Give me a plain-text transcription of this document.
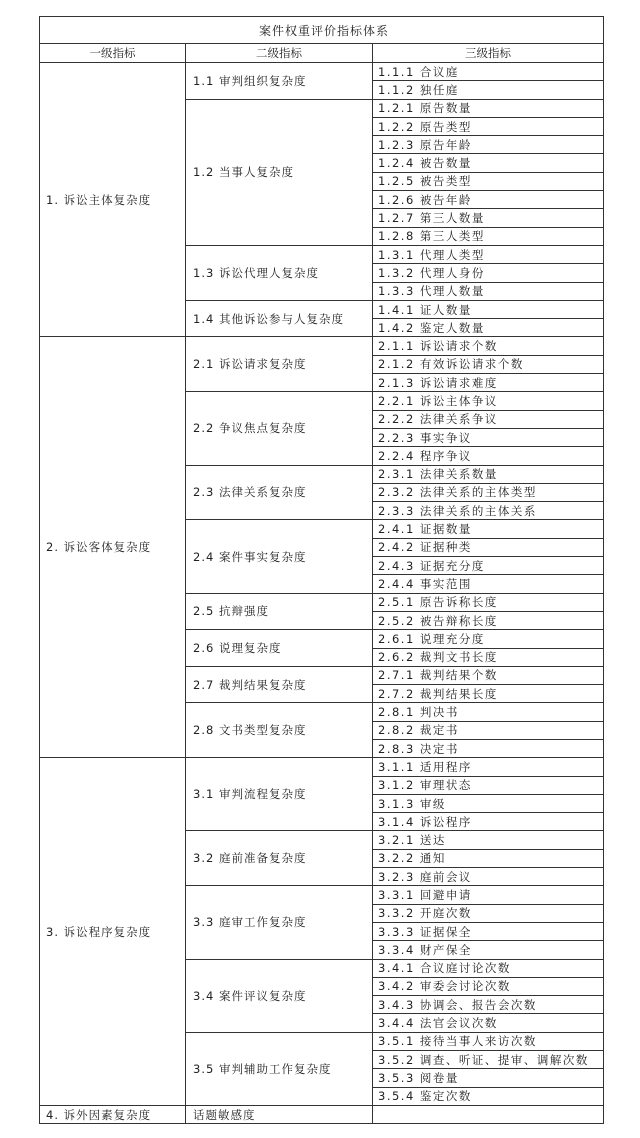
案件权重评价指标体系		
一级指标	二级指标	三级指标
1. 诉讼主体复杂度	1.1 审判组织复杂度	1.1.1 合议庭
		1.1.2 独任庭
	1.2 当事人复杂度	1.2.1 原告数量
		1.2.2 原告类型
		1.2.3 原告年龄
		1.2.4 被告数量
		1.2.5 被告类型
		1.2.6 被告年龄
		1.2.7 第三人数量
		1.2.8 第三人类型
	1.3 诉讼代理人复杂度	1.3.1 代理人类型
		1.3.2 代理人身份
		1.3.3 代理人数量
	1.4 其他诉讼参与人复杂度	1.4.1 证人数量
		1.4.2 鉴定人数量
2. 诉讼客体复杂度	2.1 诉讼请求复杂度	2.1.1 诉讼请求个数
		2.1.2 有效诉讼请求个数
		2.1.3 诉讼请求难度
	2.2 争议焦点复杂度	2.2.1 诉讼主体争议
		2.2.2 法律关系争议
		2.2.3 事实争议
		2.2.4 程序争议
	2.3 法律关系复杂度	2.3.1 法律关系数量
		2.3.2 法律关系的主体类型
		2.3.3 法律关系的主体关系
	2.4 案件事实复杂度	2.4.1 证据数量
		2.4.2 证据种类
		2.4.3 证据充分度
		2.4.4 事实范围
	2.5 抗辩强度	2.5.1 原告诉称长度
		2.5.2 被告辩称长度
	2.6 说理复杂度	2.6.1 说理充分度
		2.6.2 裁判文书长度
	2.7 裁判结果复杂度	2.7.1 裁判结果个数
		2.7.2 裁判结果长度
	2.8 文书类型复杂度	2.8.1 判决书
		2.8.2 裁定书
		2.8.3 决定书
3. 诉讼程序复杂度	3.1 审判流程复杂度	3.1.1 适用程序
		3.1.2 审理状态
		3.1.3 审级
		3.1.4 诉讼程序
	3.2 庭前准备复杂度	3.2.1 送达
		3.2.2 通知
		3.2.3 庭前会议
	3.3 庭审工作复杂度	3.3.1 回避申请
		3.3.2 开庭次数
		3.3.3 证据保全
		3.3.4 财产保全
	3.4 案件评议复杂度	3.4.1 合议庭讨论次数
		3.4.2 审委会讨论次数
		3.4.3 协调会、报告会次数
		3.4.4 法官会议次数
	3.5 审判辅助工作复杂度	3.5.1 接待当事人来访次数
		3.5.2 调查、听证、提审、调解次数
		3.5.3 阅卷量
		3.5.4 鉴定次数
4. 诉外因素复杂度	话题敏感度	
